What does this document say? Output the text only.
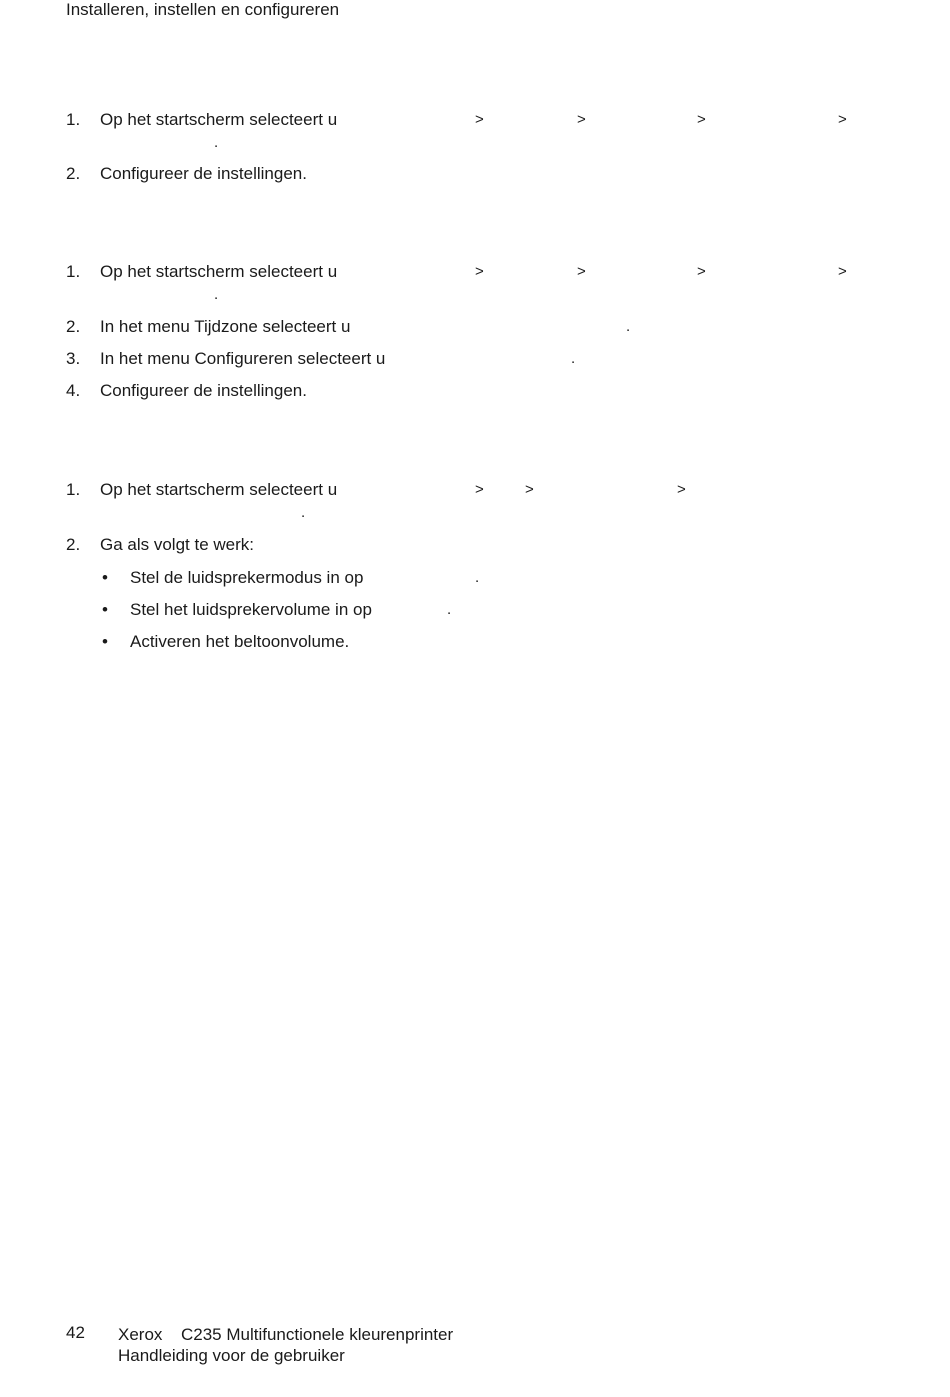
Installeren, instellen en configureren
1. Op het startscherm selecteert u	>	>	>	>
.
2. Configureer de instellingen.
1. Op het startscherm selecteert u	>	>	>	>
.
2. In het menu Tijdzone selecteert u	.
3. In het menu Configureren selecteert u	.
4. Configureer de instellingen.
1. Op het startscherm selecteert u	>	>	>
.
2. Ga als volgt te werk:
• Stel de luidsprekermodus in op	.
• Stel het luidsprekervolume in op	.
• Activeren het beltoonvolume.
42 Xerox C235 Multifunctionele kleurenprinter
Handleiding voor de gebruiker
